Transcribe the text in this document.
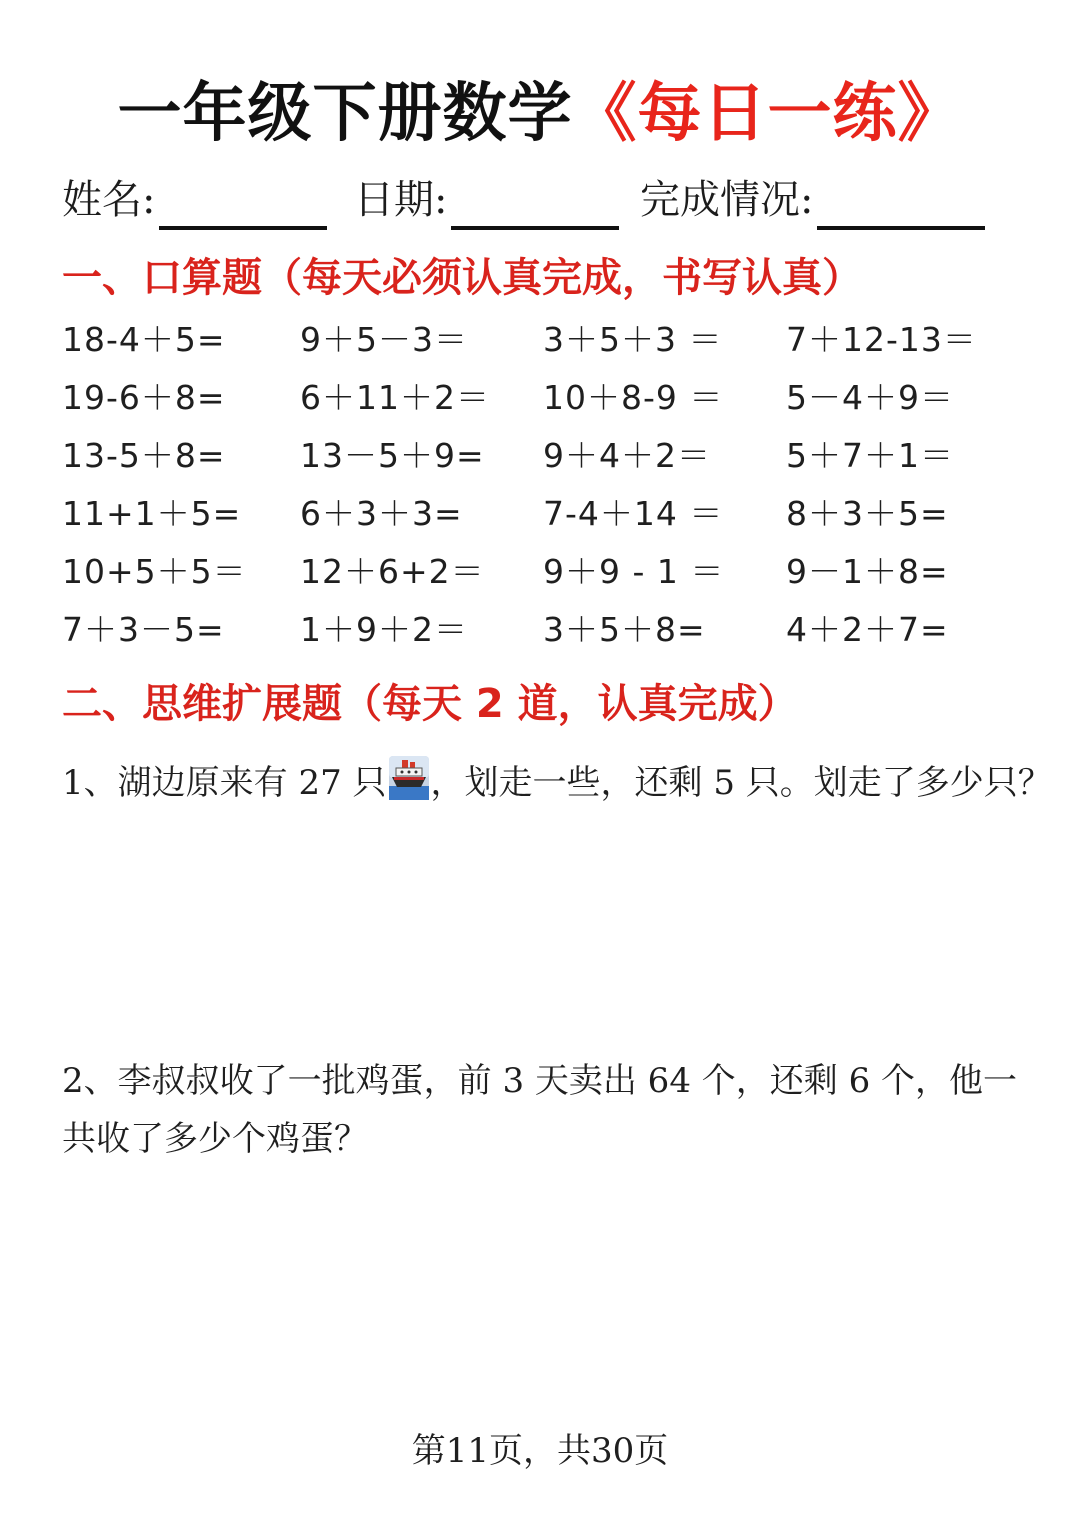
一年级下册数学《每日一练》
姓名:	日期:	完成情况:
一、口算题（每天必须认真完成，书写认真）
18-4＋5= 9＋5－3＝ 3＋5＋3 ＝ 7＋12-13＝
19-6＋8= 6＋11＋2＝ 10＋8-9 ＝ 5－4＋9＝
13-5＋8= 13－5＋9= 9＋4＋2＝ 5＋7＋1＝
11+1＋5= 6＋3＋3= 7-4＋14 ＝ 8＋3＋5=
10+5＋5＝ 12＋6+2＝ 9＋9 - 1 ＝ 9－1＋8=
7＋3－5= 1＋9＋2＝ 3＋5＋8= 4＋2＋7=
二、思维扩展题（每天 2 道，认真完成）
1、湖边原来有 27 只 ，划走一些，还剩 5 只。划走了多少只？
2、李叔叔收了一批鸡蛋，前 3 天卖出 64 个，还剩 6 个，他一
共收了多少个鸡蛋？
第11页，共30页
